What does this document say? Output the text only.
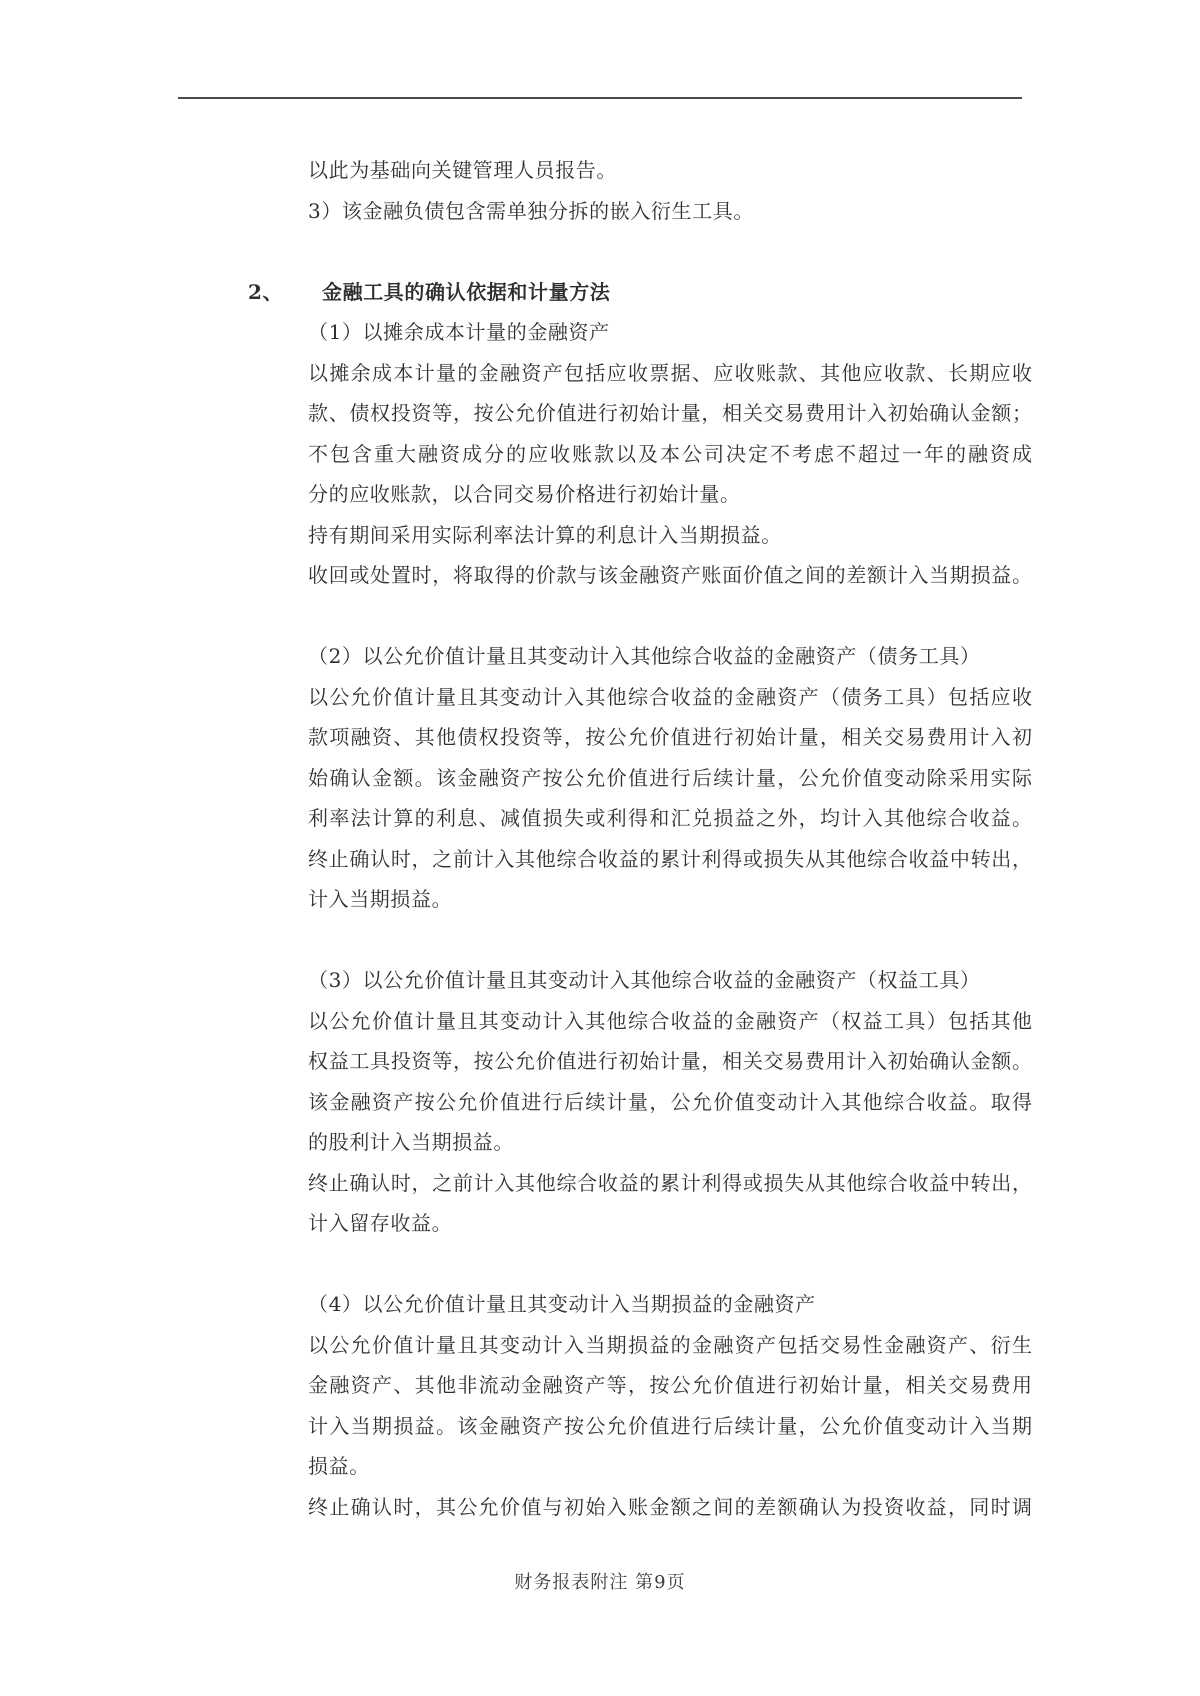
以此为基础向关键管理人员报告。
3）该金融负债包含需单独分拆的嵌入衍生工具。
2、 金融工具的确认依据和计量方法
（1）以摊余成本计量的金融资产
以摊余成本计量的金融资产包括应收票据、应收账款、其他应收款、长期应收
款、债权投资等，按公允价值进行初始计量，相关交易费用计入初始确认金额；
不包含重大融资成分的应收账款以及本公司决定不考虑不超过一年的融资成
分的应收账款，以合同交易价格进行初始计量。
持有期间采用实际利率法计算的利息计入当期损益。
收回或处置时，将取得的价款与该金融资产账面价值之间的差额计入当期损益。
（2）以公允价值计量且其变动计入其他综合收益的金融资产（债务工具）
以公允价值计量且其变动计入其他综合收益的金融资产（债务工具）包括应收
款项融资、其他债权投资等，按公允价值进行初始计量，相关交易费用计入初
始确认金额。该金融资产按公允价值进行后续计量，公允价值变动除采用实际
利率法计算的利息、减值损失或利得和汇兑损益之外，均计入其他综合收益。
终止确认时，之前计入其他综合收益的累计利得或损失从其他综合收益中转出，
计入当期损益。
（3）以公允价值计量且其变动计入其他综合收益的金融资产（权益工具）
以公允价值计量且其变动计入其他综合收益的金融资产（权益工具）包括其他
权益工具投资等，按公允价值进行初始计量，相关交易费用计入初始确认金额。
该金融资产按公允价值进行后续计量，公允价值变动计入其他综合收益。取得
的股利计入当期损益。
终止确认时，之前计入其他综合收益的累计利得或损失从其他综合收益中转出，
计入留存收益。
（4）以公允价值计量且其变动计入当期损益的金融资产
以公允价值计量且其变动计入当期损益的金融资产包括交易性金融资产、衍生
金融资产、其他非流动金融资产等，按公允价值进行初始计量，相关交易费用
计入当期损益。该金融资产按公允价值进行后续计量，公允价值变动计入当期
损益。
终止确认时，其公允价值与初始入账金额之间的差额确认为投资收益，同时调
财务报表附注 第9页
